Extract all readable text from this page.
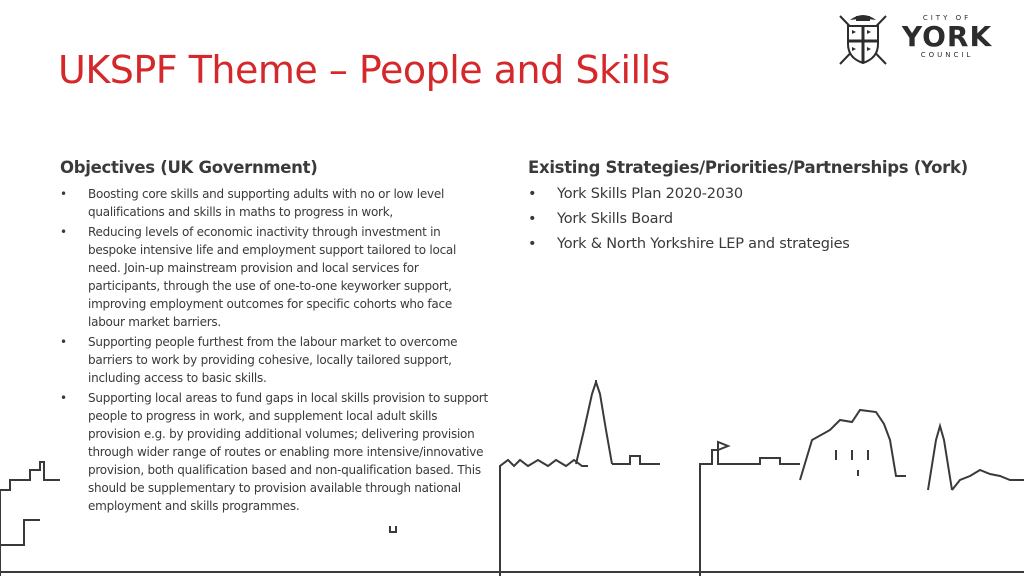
UKSPF Theme – People and Skills
CITY OF
YORK
COUNCIL
Objectives (UK Government)
• Boosting core skills and supporting adults with no or low level qualifications and skills in maths to progress in work,
• Reducing levels of economic inactivity through investment in bespoke intensive life and employment support tailored to local need. Join-up mainstream provision and local services for participants, through the use of one-to-one keyworker support, improving employment outcomes for specific cohorts who face labour market barriers.
• Supporting people furthest from the labour market to overcome barriers to work by providing cohesive, locally tailored support, including access to basic skills.
• Supporting local areas to fund gaps in local skills provision to support people to progress in work, and supplement local adult skills provision e.g. by providing additional volumes; delivering provision through wider range of routes or enabling more intensive/innovative provision, both qualification based and non-qualification based. This should be supplementary to provision available through national employment and skills programmes.
Existing Strategies/Priorities/Partnerships (York)
• York Skills Plan 2020-2030
• York Skills Board
• York & North Yorkshire LEP and strategies
